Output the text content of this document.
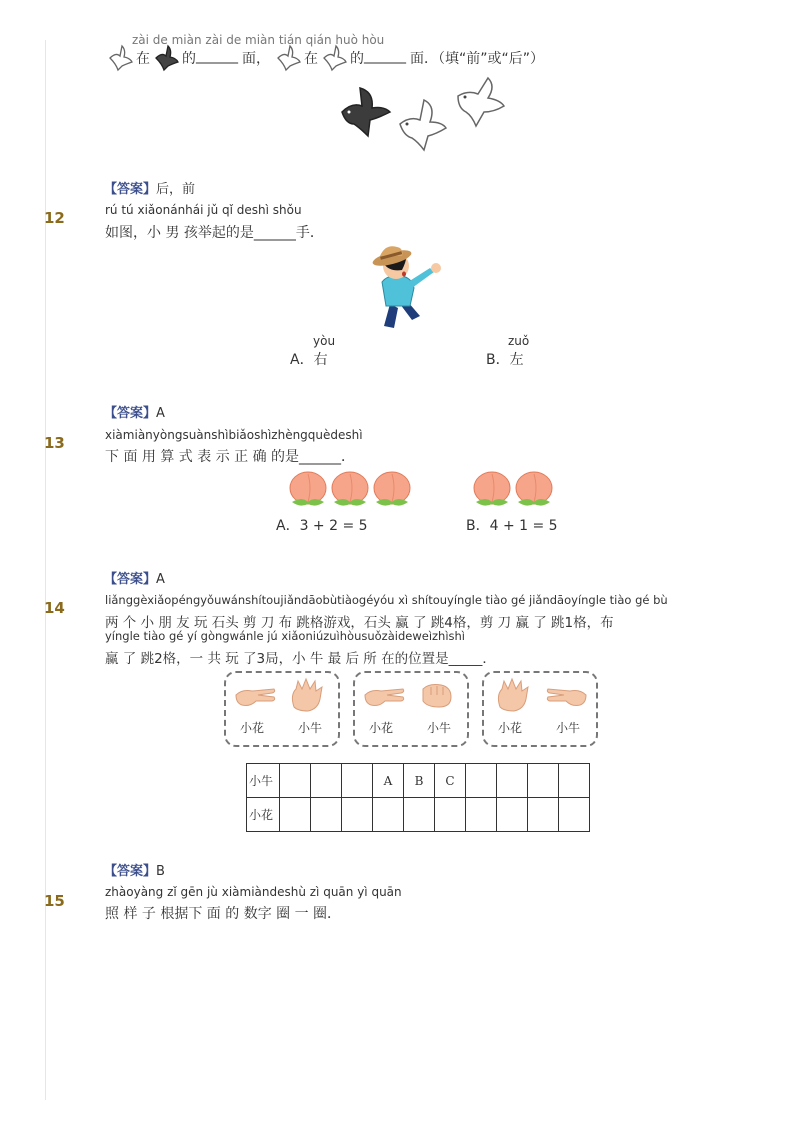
zài de miàn zài de miàn tián qián huò hòu
在 的 ______ 面， 在 的 ______ 面．（填“前”或“后”）
【答案】后，前
12	rú tú xiǎonánhái jǔ qǐ deshì shǒu
如图，小 男 孩举起的是______手．
yòu
A．右
zuǒ
B．左
【答案】A
13	xiàmiànyòngsuànshìbiǎoshìzhèngquèdeshì
下 面 用 算 式 表 示 正 确 的是______．
A．3 + 2 = 5	B．4 + 1 = 5
【答案】A
14	liǎnggèxiǎopéngyǒuwánshítoujiǎndāobùtiàogéyóu xì shítouyíngle tiào gé jiǎndāoyíngle tiào gé bù
两 个 小 朋 友 玩 石头 剪 刀 布 跳格游戏，石头 赢 了 跳4格，剪 刀 赢 了 跳1格，布
yíngle tiào gé yí gòngwánle jú xiǎoniúzuìhòusuǒzàideweìzhìshì
赢 了 跳2格，一 共 玩 了3局，小 牛 最 后 所 在的位置是_____．
小花	小牛	小花	小牛	小花	小牛
小牛				A	B	C				
小花										
【答案】B
15	zhàoyàng zǐ gēn jù xiàmiàndeshù zì quān yì quān
照 样 子 根据下 面 的 数字 圈 一 圈．
